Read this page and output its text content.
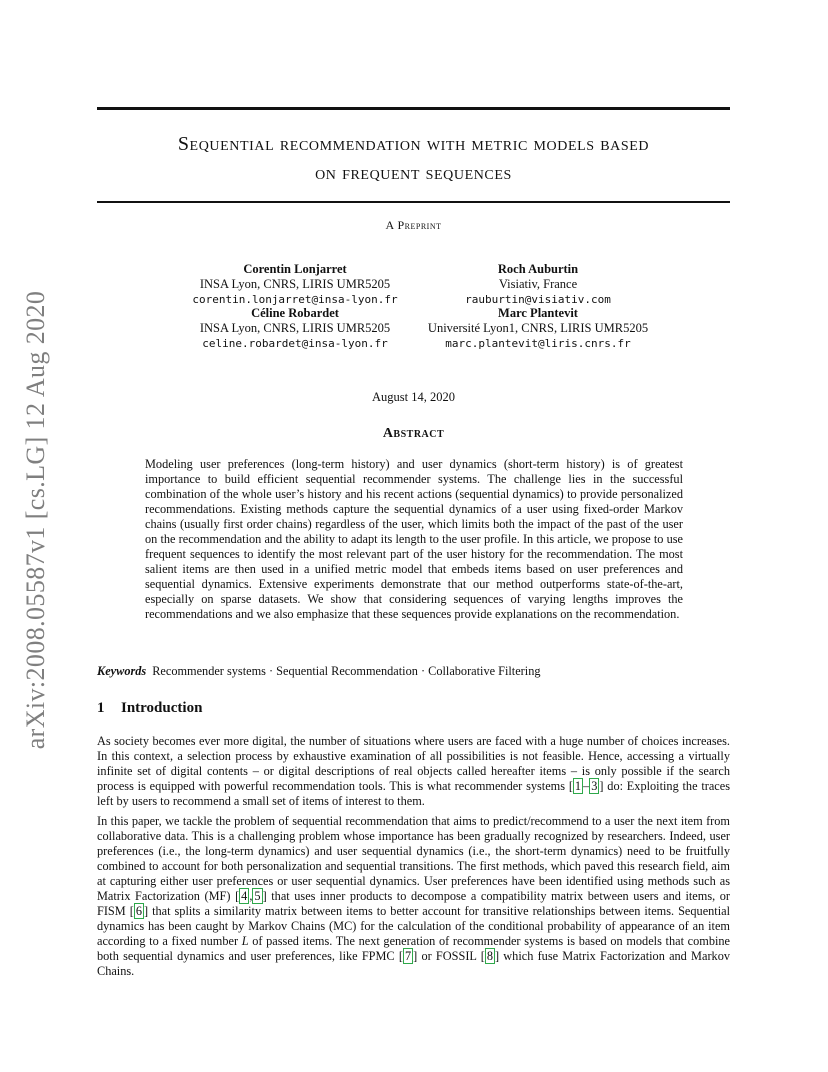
Sequential recommendation with metric models based
on frequent sequences
A Preprint
Corentin Lonjarret
INSA Lyon, CNRS, LIRIS UMR5205
corentin.lonjarret@insa-lyon.fr
Roch Auburtin
Visiativ, France
rauburtin@visiativ.com
Céline Robardet
INSA Lyon, CNRS, LIRIS UMR5205
celine.robardet@insa-lyon.fr
Marc Plantevit
Université Lyon1, CNRS, LIRIS UMR5205
marc.plantevit@liris.cnrs.fr
August 14, 2020
Abstract

Modeling user preferences (long-term history) and user dynamics (short-term history) is of greatest importance to build efficient sequential recommender systems. The challenge lies in the successful combination of the whole user’s history and his recent actions (sequential dynamics) to provide personalized recommendations. Existing methods capture the sequential dynamics of a user using fixed-order Markov chains (usually first order chains) regardless of the user, which limits both the impact of the past of the user on the recommendation and the ability to adapt its length to the user profile. In this article, we propose to use frequent sequences to identify the most relevant part of the user history for the recommendation. The most salient items are then used in a unified metric model that embeds items based on user preferences and sequential dynamics. Extensive experiments demonstrate that our method outperforms state-of-the-art, especially on sparse datasets. We show that considering sequences of varying lengths improves the recommendations and we also emphasize that these sequences provide explanations on the recommendation.

Keywords Recommender systems · Sequential Recommendation · Collaborative Filtering

1 Introduction

As society becomes ever more digital, the number of situations where users are faced with a huge number of choices increases. In this context, a selection process by exhaustive examination of all possibilities is not feasible. Hence, accessing a virtually infinite set of digital contents – or digital descriptions of real objects called hereafter items – is only possible if the search process is equipped with powerful recommendation tools. This is what recommender systems [ 1 – 3 ] do: Exploiting the traces left by users to recommend a small set of items of interest to them.

In this paper, we tackle the problem of sequential recommendation that aims to predict/recommend to a user the next item from collaborative data. This is a challenging problem whose importance has been gradually recognized by researchers. Indeed, user preferences (i.e., the long-term dynamics) and user sequential dynamics (i.e., the short-term dynamics) need to be fruitfully combined to account for both personalization and sequential transitions. The first methods, which paved this research field, aim at capturing either user preferences or user sequential dynamics. User preferences have been identified using methods such as Matrix Factorization (MF) [ 4 , 5 ] that uses inner products to decompose a compatibility matrix between users and items, or FISM [ 6 ] that splits a similarity matrix between items to better account for transitive relationships between items. Sequential dynamics has been caught by Markov Chains (MC) for the calculation of the conditional probability of appearance of an item according to a fixed number L of passed items. The next generation of recommender systems is based on models that combine both sequential dynamics and user preferences, like FPMC [ 7 ] or FOSSIL [ 8 ] which fuse Matrix Factorization and Markov Chains.

arXiv:2008.05587v1 [cs.LG] 12 Aug 2020
